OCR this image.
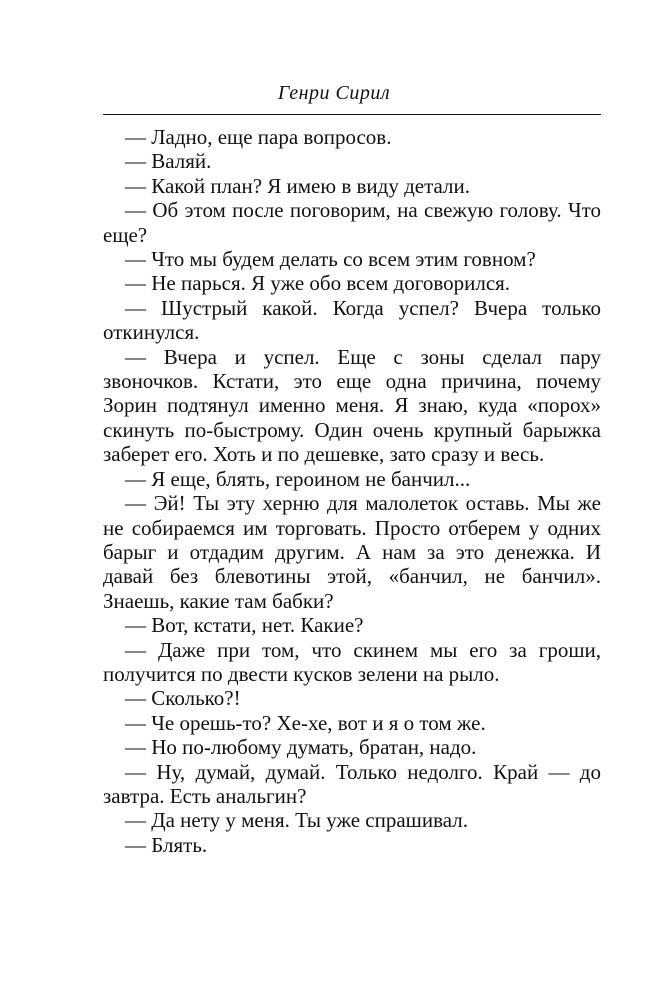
Генри Сирил

— Ладно, еще пара вопросов.

— Валяй.

— Какой план? Я имею в виду детали.

— Об этом после поговорим, на свежую голову. Что еще?

— Что мы будем делать со всем этим говном?

— Не парься. Я уже обо всем договорился.

— Шустрый какой. Когда успел? Вчера только откинулся.

— Вчера и успел. Еще с зоны сделал пару звоночков. Кстати, это еще одна причина, почему Зорин подтянул именно меня. Я знаю, куда «порох» скинуть по-быстрому. Один очень крупный барыжка заберет его. Хоть и по дешевке, зато сразу и весь.

— Я еще, блять, героином не банчил...

— Эй! Ты эту херню для малолеток оставь. Мы же не собираемся им торговать. Просто отберем у одних барыг и отдадим другим. А нам за это денежка. И давай без блевотины этой, «банчил, не банчил». Знаешь, какие там бабки?

— Вот, кстати, нет. Какие?

— Даже при том, что скинем мы его за гроши, получится по двести кусков зелени на рыло.

— Сколько?!

— Че орешь-то? Хе-хе, вот и я о том же.

— Но по-любому думать, братан, надо.

— Ну, думай, думай. Только недолго. Край — до завтра. Есть анальгин?

— Да нету у меня. Ты уже спрашивал.

— Блять.
